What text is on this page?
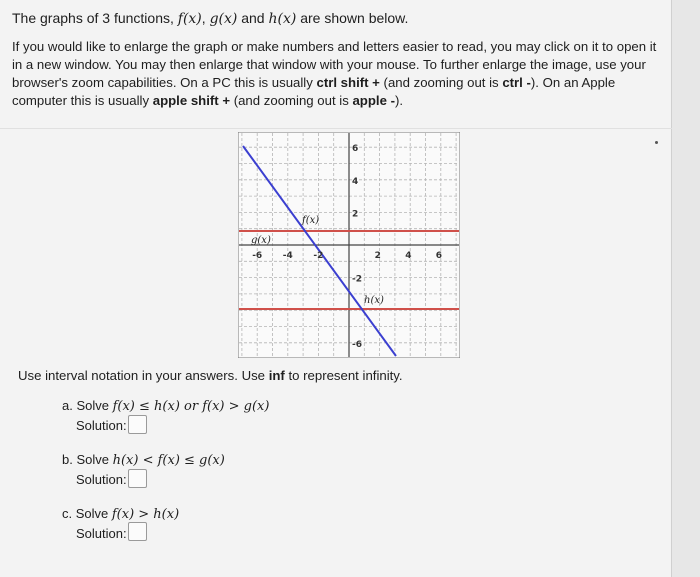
The graphs of 3 functions, f(x), g(x) and h(x) are shown below.
If you would like to enlarge the graph or make numbers and letters easier to read, you may click on it to open it in a new window. You may then enlarge that window with your mouse. To further enlarge the image, use your browser's zoom capabilities. On a PC this is usually ctrl shift + (and zooming out is ctrl -). On an Apple computer this is usually apple shift + (and zooming out is apple -).
-6 -4 -2	2	4	6
6
4
2
-2
-6
f(x)
g(x)
h(x)
Use interval notation in your answers. Use inf to represent infinity.
a. Solve f(x) ≤ h(x) or f(x) > g(x)
Solution:
b. Solve h(x) < f(x) ≤ g(x)
Solution:
c. Solve f(x) > h(x)
Solution:
